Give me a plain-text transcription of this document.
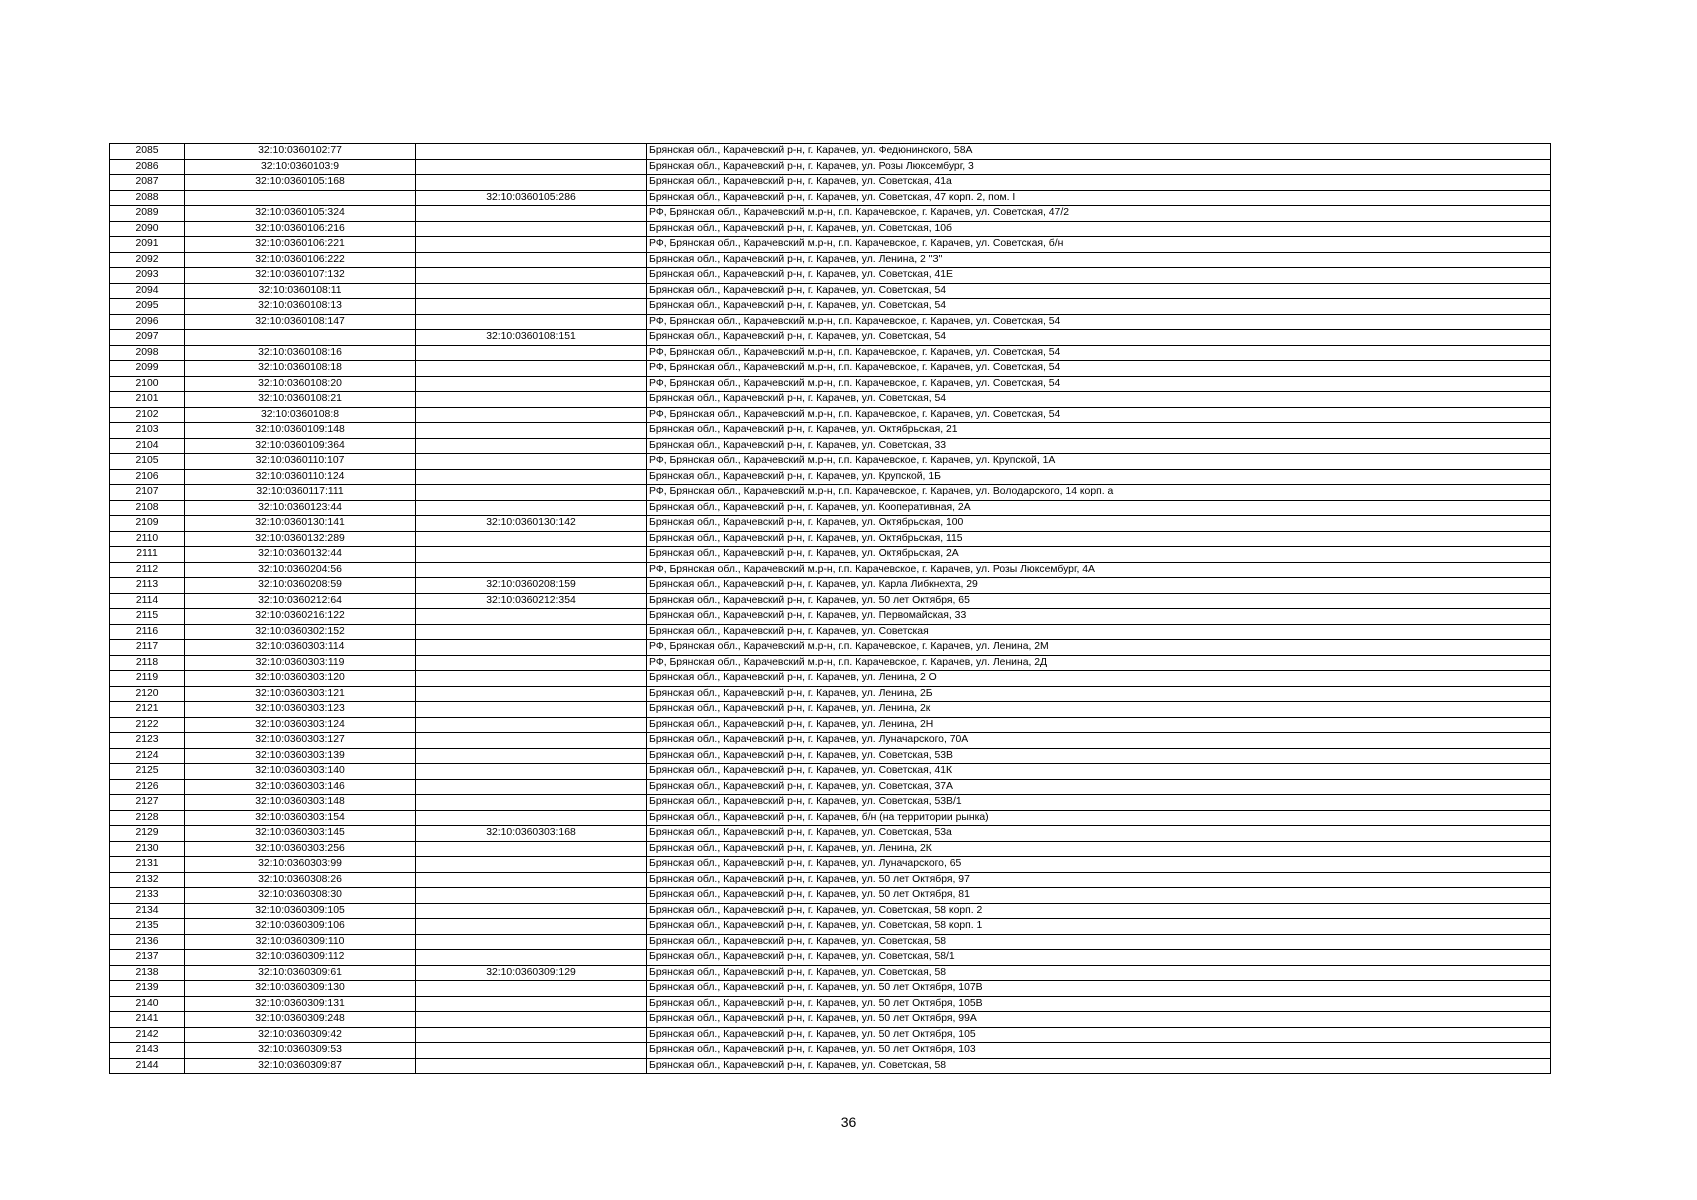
2085	32:10:0360102:77		Брянская обл., Карачевский р-н, г. Карачев, ул. Федюнинского, 58А
2086	32:10:0360103:9		Брянская обл., Карачевский р-н, г. Карачев, ул. Розы Люксембург, 3
2087	32:10:0360105:168		Брянская обл., Карачевский р-н, г. Карачев, ул. Советская, 41а
2088		32:10:0360105:286	Брянская обл., Карачевский р-н, г. Карачев, ул. Советская, 47 корп. 2, пом. I
2089	32:10:0360105:324		РФ, Брянская обл., Карачевский м.р-н, г.п. Карачевское, г. Карачев, ул. Советская, 47/2
2090	32:10:0360106:216		Брянская обл., Карачевский р-н, г. Карачев, ул. Советская, 10б
2091	32:10:0360106:221		РФ, Брянская обл., Карачевский м.р-н, г.п. Карачевское, г. Карачев, ул. Советская, б/н
2092	32:10:0360106:222		Брянская обл., Карачевский р-н, г. Карачев, ул. Ленина, 2 "З"
2093	32:10:0360107:132		Брянская обл., Карачевский р-н, г. Карачев, ул. Советская, 41Е
2094	32:10:0360108:11		Брянская обл., Карачевский р-н, г. Карачев, ул. Советская, 54
2095	32:10:0360108:13		Брянская обл., Карачевский р-н, г. Карачев, ул. Советская, 54
2096	32:10:0360108:147		РФ, Брянская обл., Карачевский м.р-н, г.п. Карачевское, г. Карачев, ул. Советская, 54
2097		32:10:0360108:151	Брянская обл., Карачевский р-н, г. Карачев, ул. Советская, 54
2098	32:10:0360108:16		РФ, Брянская обл., Карачевский м.р-н, г.п. Карачевское, г. Карачев, ул. Советская, 54
2099	32:10:0360108:18		РФ, Брянская обл., Карачевский м.р-н, г.п. Карачевское, г. Карачев, ул. Советская, 54
2100	32:10:0360108:20		РФ, Брянская обл., Карачевский м.р-н, г.п. Карачевское, г. Карачев, ул. Советская, 54
2101	32:10:0360108:21		Брянская обл., Карачевский р-н, г. Карачев, ул. Советская, 54
2102	32:10:0360108:8		РФ, Брянская обл., Карачевский м.р-н, г.п. Карачевское, г. Карачев, ул. Советская, 54
2103	32:10:0360109:148		Брянская обл., Карачевский р-н, г. Карачев, ул. Октябрьская, 21
2104	32:10:0360109:364		Брянская обл., Карачевский р-н, г. Карачев, ул. Советская, 33
2105	32:10:0360110:107		РФ, Брянская обл., Карачевский м.р-н, г.п. Карачевское, г. Карачев, ул. Крупской, 1А
2106	32:10:0360110:124		Брянская обл., Карачевский р-н, г. Карачев, ул. Крупской, 1Б
2107	32:10:0360117:111		РФ, Брянская обл., Карачевский м.р-н, г.п. Карачевское, г. Карачев, ул. Володарского, 14 корп. а
2108	32:10:0360123:44		Брянская обл., Карачевский р-н, г. Карачев, ул. Кооперативная, 2А
2109	32:10:0360130:141	32:10:0360130:142	Брянская обл., Карачевский р-н, г. Карачев, ул. Октябрьская, 100
2110	32:10:0360132:289		Брянская обл., Карачевский р-н, г. Карачев, ул. Октябрьская, 115
2111	32:10:0360132:44		Брянская обл., Карачевский р-н, г. Карачев, ул. Октябрьская, 2А
2112	32:10:0360204:56		РФ, Брянская обл., Карачевский м.р-н, г.п. Карачевское, г. Карачев, ул. Розы Люксембург, 4А
2113	32:10:0360208:59	32:10:0360208:159	Брянская обл., Карачевский р-н, г. Карачев, ул. Карла Либкнехта, 29
2114	32:10:0360212:64	32:10:0360212:354	Брянская обл., Карачевский р-н, г. Карачев, ул. 50 лет Октября, 65
2115	32:10:0360216:122		Брянская обл., Карачевский р-н, г. Карачев, ул. Первомайская, 33
2116	32:10:0360302:152		Брянская обл., Карачевский р-н, г. Карачев, ул. Советская
2117	32:10:0360303:114		РФ, Брянская обл., Карачевский м.р-н, г.п. Карачевское, г. Карачев, ул. Ленина, 2М
2118	32:10:0360303:119		РФ, Брянская обл., Карачевский м.р-н, г.п. Карачевское, г. Карачев, ул. Ленина, 2Д
2119	32:10:0360303:120		Брянская обл., Карачевский р-н, г. Карачев, ул. Ленина, 2 О
2120	32:10:0360303:121		Брянская обл., Карачевский р-н, г. Карачев, ул. Ленина, 2Б
2121	32:10:0360303:123		Брянская обл., Карачевский р-н, г. Карачев, ул. Ленина, 2к
2122	32:10:0360303:124		Брянская обл., Карачевский р-н, г. Карачев, ул. Ленина, 2Н
2123	32:10:0360303:127		Брянская обл., Карачевский р-н, г. Карачев, ул. Луначарского, 70А
2124	32:10:0360303:139		Брянская обл., Карачевский р-н, г. Карачев, ул. Советская, 53В
2125	32:10:0360303:140		Брянская обл., Карачевский р-н, г. Карачев, ул. Советская, 41К
2126	32:10:0360303:146		Брянская обл., Карачевский р-н, г. Карачев, ул. Советская, 37А
2127	32:10:0360303:148		Брянская обл., Карачевский р-н, г. Карачев, ул. Советская, 53В/1
2128	32:10:0360303:154		Брянская обл., Карачевский р-н, г. Карачев, б/н (на территории рынка)
2129	32:10:0360303:145	32:10:0360303:168	Брянская обл., Карачевский р-н, г. Карачев, ул. Советская, 53а
2130	32:10:0360303:256		Брянская обл., Карачевский р-н, г. Карачев, ул. Ленина, 2К
2131	32:10:0360303:99		Брянская обл., Карачевский р-н, г. Карачев, ул. Луначарского, 65
2132	32:10:0360308:26		Брянская обл., Карачевский р-н, г. Карачев, ул. 50 лет Октября, 97
2133	32:10:0360308:30		Брянская обл., Карачевский р-н, г. Карачев, ул. 50 лет Октября, 81
2134	32:10:0360309:105		Брянская обл., Карачевский р-н, г. Карачев, ул. Советская, 58 корп. 2
2135	32:10:0360309:106		Брянская обл., Карачевский р-н, г. Карачев, ул. Советская, 58 корп. 1
2136	32:10:0360309:110		Брянская обл., Карачевский р-н, г. Карачев, ул. Советская, 58
2137	32:10:0360309:112		Брянская обл., Карачевский р-н, г. Карачев, ул. Советская, 58/1
2138	32:10:0360309:61	32:10:0360309:129	Брянская обл., Карачевский р-н, г. Карачев, ул. Советская, 58
2139	32:10:0360309:130		Брянская обл., Карачевский р-н, г. Карачев, ул. 50 лет Октября, 107В
2140	32:10:0360309:131		Брянская обл., Карачевский р-н, г. Карачев, ул. 50 лет Октября, 105В
2141	32:10:0360309:248		Брянская обл., Карачевский р-н, г. Карачев, ул. 50 лет Октября, 99А
2142	32:10:0360309:42		Брянская обл., Карачевский р-н, г. Карачев, ул. 50 лет Октября, 105
2143	32:10:0360309:53		Брянская обл., Карачевский р-н, г. Карачев, ул. 50 лет Октября, 103
2144	32:10:0360309:87		Брянская обл., Карачевский р-н, г. Карачев, ул. Советская, 58
36
